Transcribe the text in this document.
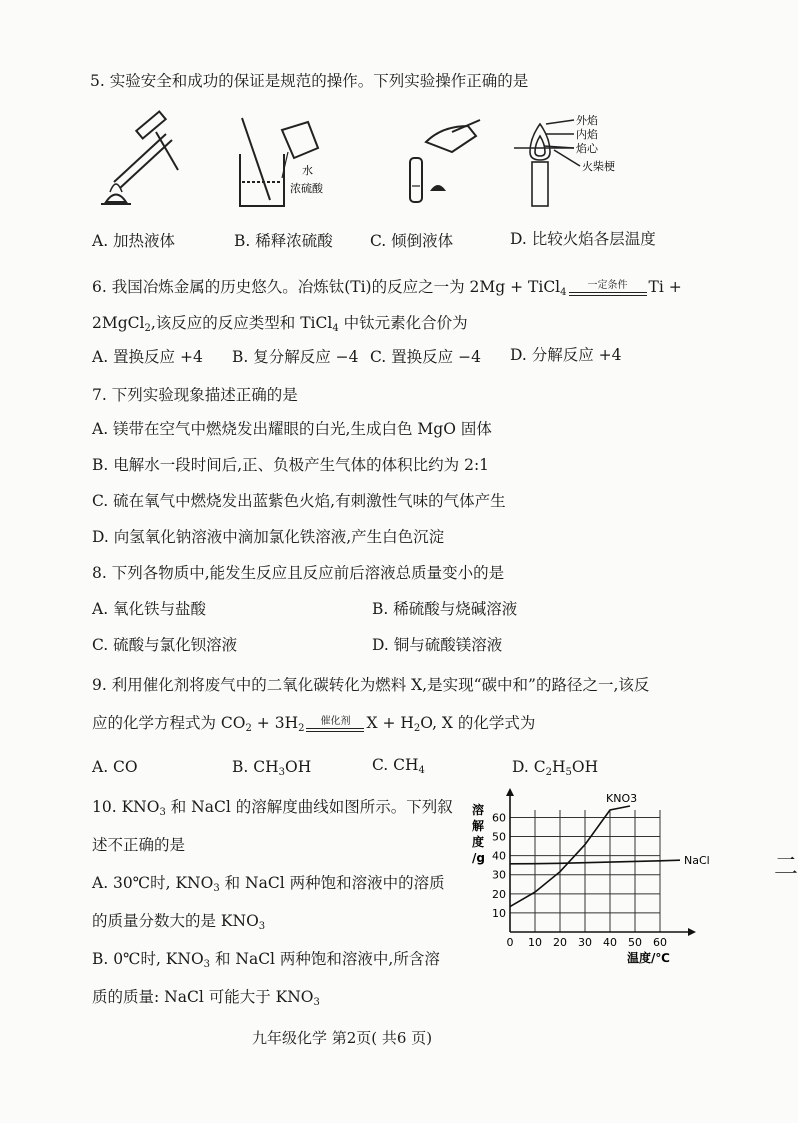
5. 实验安全和成功的保证是规范的操作。下列实验操作正确的是
水
浓硫酸
外焰
内焰
焰心
火柴梗
A. 加热液体	B. 稀释浓硫酸 C. 倾倒液体	D. 比较火焰各层温度
6. 我国冶炼金属的历史悠久。冶炼钛(Ti)的反应之一为 2Mg + TiCl$_4$
一定条件	Ti +
2MgCl$_2$,该反应的反应类型和 TiCl$_4$ 中钛元素化合价为
A. 置换反应 +4 B. 复分解反应 −4 C. 置换反应 −4 D. 分解反应 +4
7. 下列实验现象描述正确的是
A. 镁带在空气中燃烧发出耀眼的白光,生成白色 MgO 固体
B. 电解水一段时间后,正、负极产生气体的体积比约为 2:1
C. 硫在氧气中燃烧发出蓝紫色火焰,有刺激性气味的气体产生
D. 向氢氧化钠溶液中滴加氯化铁溶液,产生白色沉淀
8. 下列各物质中,能发生反应且反应前后溶液总质量变小的是
A. 氧化铁与盐酸	B. 稀硫酸与烧碱溶液
C. 硫酸与氯化钡溶液	D. 铜与硫酸镁溶液
9. 利用催化剂将废气中的二氧化碳转化为燃料 X,是实现“碳中和”的路径之一,该反
应的化学方程式为 $CO_2 + 3H_2$
催化剂	$X + H_2O$, X 的化学式为
A. CO	B. $CH_3OH$	C. $CH_4$	D. $C_2H_5OH$
10. $KNO_3$ 和 NaCl 的溶解度曲线如图所示。下列叙
述不正确的是
A. 30℃时, $KNO_3$ 和 NaCl 两种饱和溶液中的溶质
的质量分数大的是 $KNO_3$
B. 0℃时, $KNO_3$ 和 NaCl 两种饱和溶液中,所含溶
质的质量: NaCl 可能大于 $KNO_3$
0 10 20 30 40 50 60
10
20
30
40
50
60
溶
解
度
/g
温度/℃
KNO3
NaCl
九年级化学 第2页( 共6 页)
二
